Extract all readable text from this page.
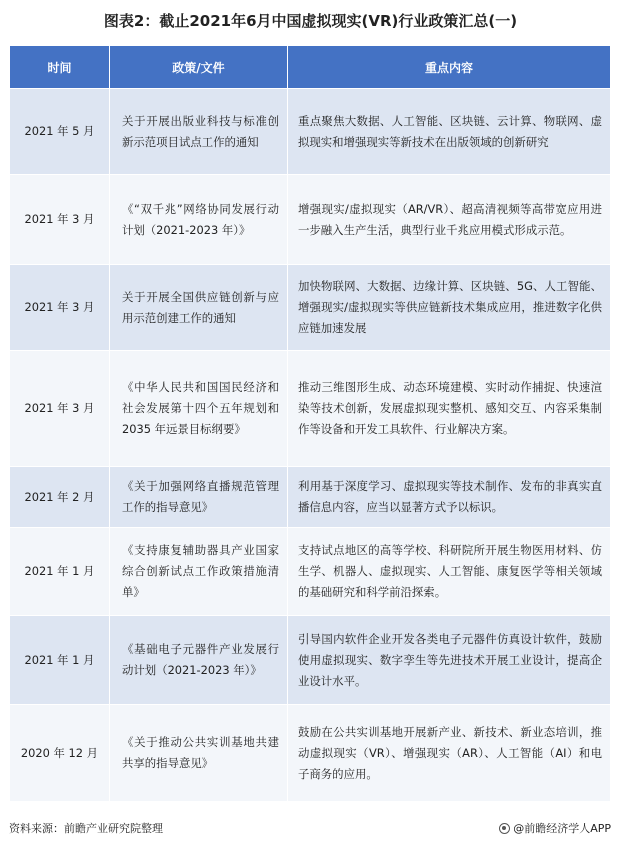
图表2：截止2021年6月中国虚拟现实(VR)行业政策汇总(一)
时间	政策/文件	重点内容
2021 年 5 月	关于开展出版业科技与标准创新示范项目试点工作的通知	重点聚焦大数据、人工智能、区块链、云计算、物联网、虚拟现实和增强现实等新技术在出版领域的创新研究
2021 年 3 月	《“双千兆”网络协同发展行动计划（2021-2023 年）》	增强现实/虚拟现实（AR/VR）、超高清视频等高带宽应用进一步融入生产生活，典型行业千兆应用模式形成示范。
2021 年 3 月	关于开展全国供应链创新与应用示范创建工作的通知	加快物联网、大数据、边缘计算、区块链、5G、人工智能、增强现实/虚拟现实等供应链新技术集成应用，推进数字化供应链加速发展
2021 年 3 月	《中华人民共和国国民经济和社会发展第十四个五年规划和 2035 年远景目标纲要》	推动三维图形生成、动态环境建模、实时动作捕捉、快速渲染等技术创新，发展虚拟现实整机、感知交互、内容采集制作等设备和开发工具软件、行业解决方案。
2021 年 2 月	《关于加强网络直播规范管理工作的指导意见》	利用基于深度学习、虚拟现实等技术制作、发布的非真实直播信息内容，应当以显著方式予以标识。
2021 年 1 月	《支持康复辅助器具产业国家综合创新试点工作政策措施清单》	支持试点地区的高等学校、科研院所开展生物医用材料、仿生学、机器人、虚拟现实、人工智能、康复医学等相关领域的基础研究和科学前沿探索。
2021 年 1 月	《基础电子元器件产业发展行动计划（2021-2023 年）》	引导国内软件企业开发各类电子元器件仿真设计软件，鼓励使用虚拟现实、数字孪生等先进技术开展工业设计，提高企业设计水平。
2020 年 12 月	《关于推动公共实训基地共建共享的指导意见》	鼓励在公共实训基地开展新产业、新技术、新业态培训，推动虚拟现实（VR）、增强现实（AR）、人工智能（AI）和电子商务的应用。
资料来源：前瞻产业研究院整理	@前瞻经济学人APP
